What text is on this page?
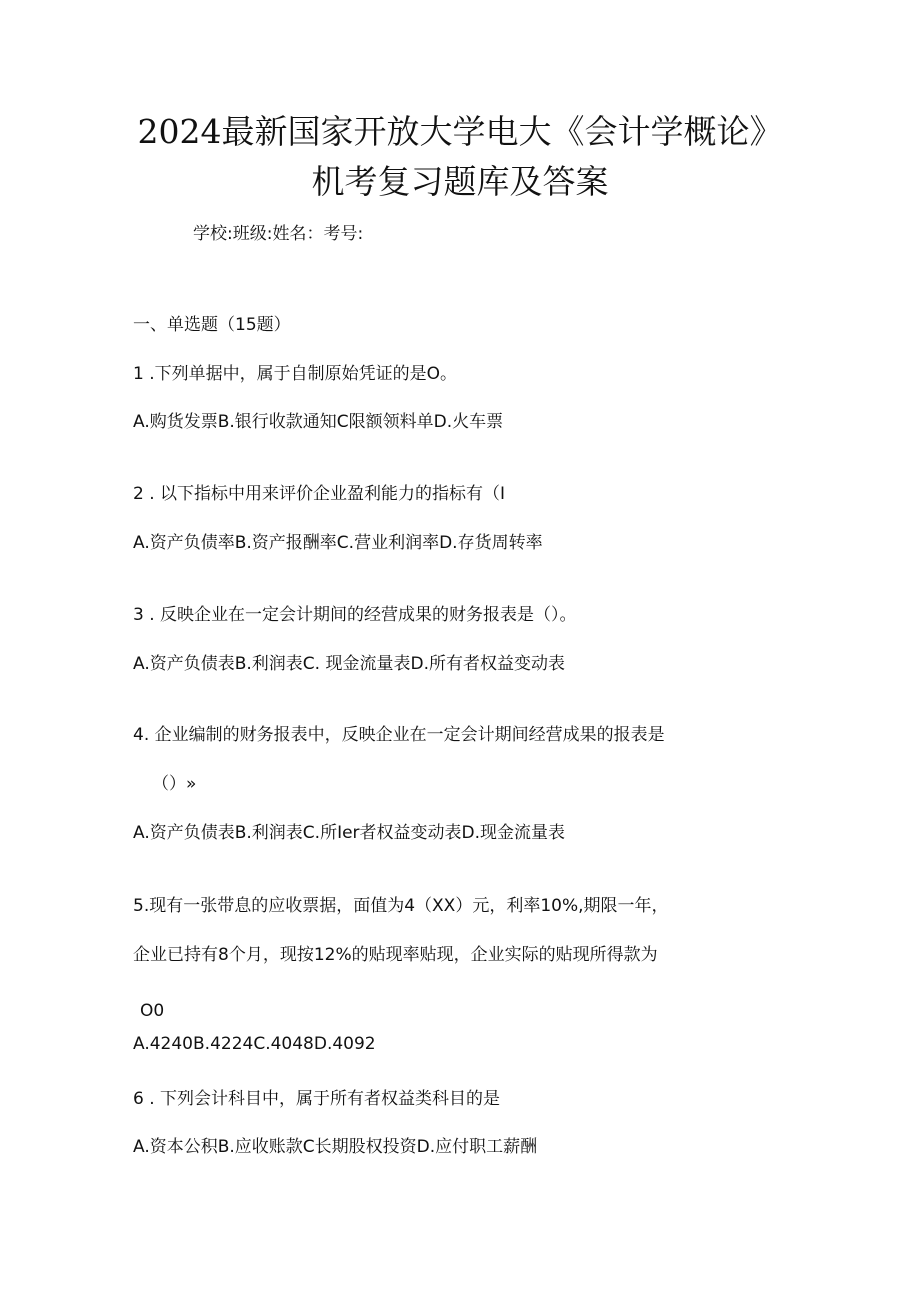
2024最新国家开放大学电大《会计学概论》
机考复习题库及答案
学校:班级:姓名：考号:
一、单选题（15题）
1 .下列单据中，属于自制原始凭证的是O。
A.购货发票B.银行收款通知C限额领料单D.火车票
2 . 以下指标中用来评价企业盈利能力的指标有（I
A.资产负债率B.资产报酬率C.营业利润率D.存货周转率
3 . 反映企业在一定会计期间的经营成果的财务报表是（）。
A.资产负债表B.利润表C. 现金流量表D.所有者权益变动表
4. 企业编制的财务报表中，反映企业在一定会计期间经营成果的报表是
（）»
A.资产负债表B.利润表C.所Ier者权益变动表D.现金流量表
5.现有一张带息的应收票据，面值为4（XX）元，利率10%,期限一年，
企业已持有8个月，现按12%的贴现率贴现，企业实际的贴现所得款为
O0
A.4240B.4224C.4048D.4092
6 . 下列会计科目中，属于所有者权益类科目的是
A.资本公积B.应收账款C长期股权投资D.应付职工薪酬
